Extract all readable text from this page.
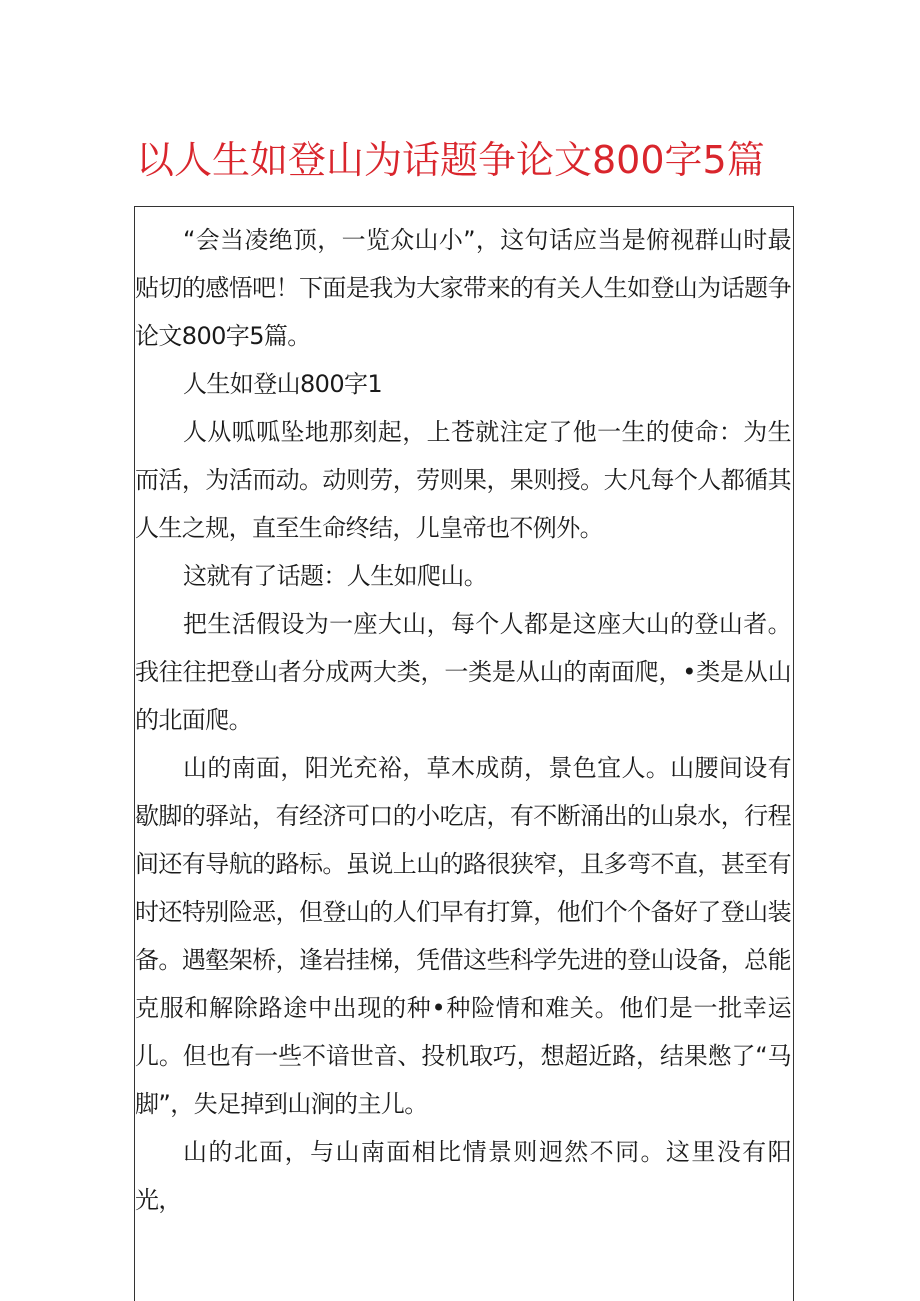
以人生如登山为话题争论文800字5篇

“会当凌绝顶，一览众山小”，这句话应当是俯视群山时最贴切的感悟吧！下面是我为大家带来的有关人生如登山为话题争论文800字5篇。

人生如登山800字1

人从呱呱坠地那刻起，上苍就注定了他一生的使命：为生而活，为活而动。动则劳，劳则果，果则授。大凡每个人都循其人生之规，直至生命终结，儿皇帝也不例外。

这就有了话题：人生如爬山。

把生活假设为一座大山，每个人都是这座大山的登山者。我往往把登山者分成两大类，一类是从山的南面爬，•类是从山的北面爬。

山的南面，阳光充裕，草木成荫，景色宜人。山腰间设有歇脚的驿站，有经济可口的小吃店，有不断涌出的山泉水，行程间还有导航的路标。虽说上山的路很狭窄，且多弯不直，甚至有时还特别险恶，但登山的人们早有打算，他们个个备好了登山装备。遇壑架桥，逢岩挂梯，凭借这些科学先进的登山设备，总能克服和解除路途中出现的种•种险情和难关。他们是一批幸运儿。但也有一些不谙世音、投机取巧，想超近路，结果憋了“马脚”，失足掉到山涧的主儿。

山的北面，与山南面相比情景则迥然不同。这里没有阳光，
